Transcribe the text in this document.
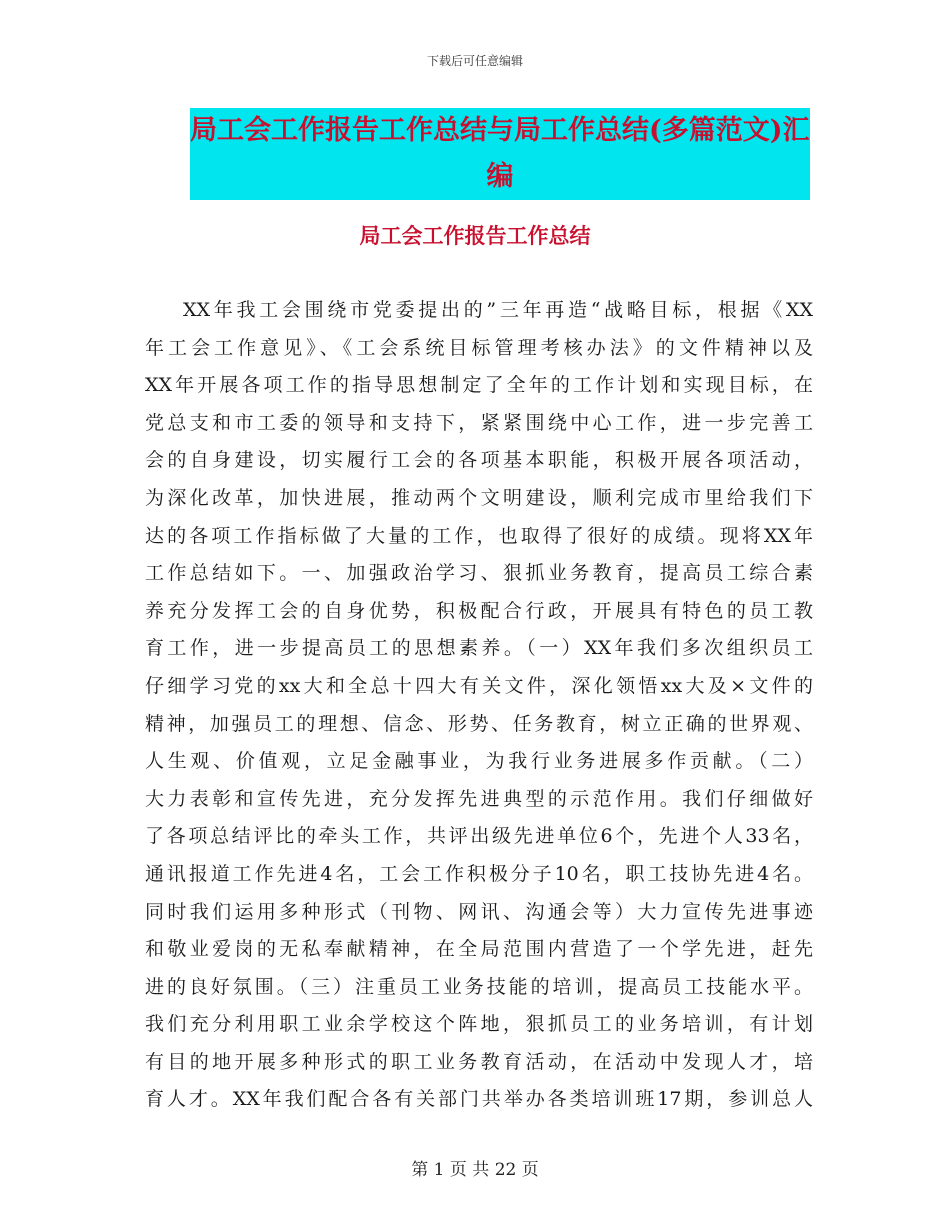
下载后可任意编辑
局工会工作报告工作总结与局工作总结(多篇范文)汇
编
局工会工作报告工作总结
XX年我工会围绕市党委提出的”三年再造“战略目标，根据《XX
年工会工作意见》、《工会系统目标管理考核办法》的文件精神以及
XX年开展各项工作的指导思想制定了全年的工作计划和实现目标，在
党总支和市工委的领导和支持下，紧紧围绕中心工作，进一步完善工
会的自身建设，切实履行工会的各项基本职能，积极开展各项活动，
为深化改革，加快进展，推动两个文明建设，顺利完成市里给我们下
达的各项工作指标做了大量的工作，也取得了很好的成绩。现将XX年
工作总结如下。一、加强政治学习、狠抓业务教育，提高员工综合素
养充分发挥工会的自身优势，积极配合行政，开展具有特色的员工教
育工作，进一步提高员工的思想素养。（一）XX年我们多次组织员工
仔细学习党的xx大和全总十四大有关文件，深化领悟xx大及×文件的
精神，加强员工的理想、信念、形势、任务教育，树立正确的世界观、
人生观、价值观，立足金融事业，为我行业务进展多作贡献。（二）
大力表彰和宣传先进，充分发挥先进典型的示范作用。我们仔细做好
了各项总结评比的牵头工作，共评出级先进单位6个，先进个人33名，
通讯报道工作先进4名，工会工作积极分子10名，职工技协先进4名。
同时我们运用多种形式（刊物、网讯、沟通会等）大力宣传先进事迹
和敬业爱岗的无私奉献精神，在全局范围内营造了一个学先进，赶先
进的良好氛围。（三）注重员工业务技能的培训，提高员工技能水平。
我们充分利用职工业余学校这个阵地，狠抓员工的业务培训，有计划
有目的地开展多种形式的职工业务教育活动，在活动中发现人才，培
育人才。XX年我们配合各有关部门共举办各类培训班17期，参训总人
第 1 页 共 22 页
